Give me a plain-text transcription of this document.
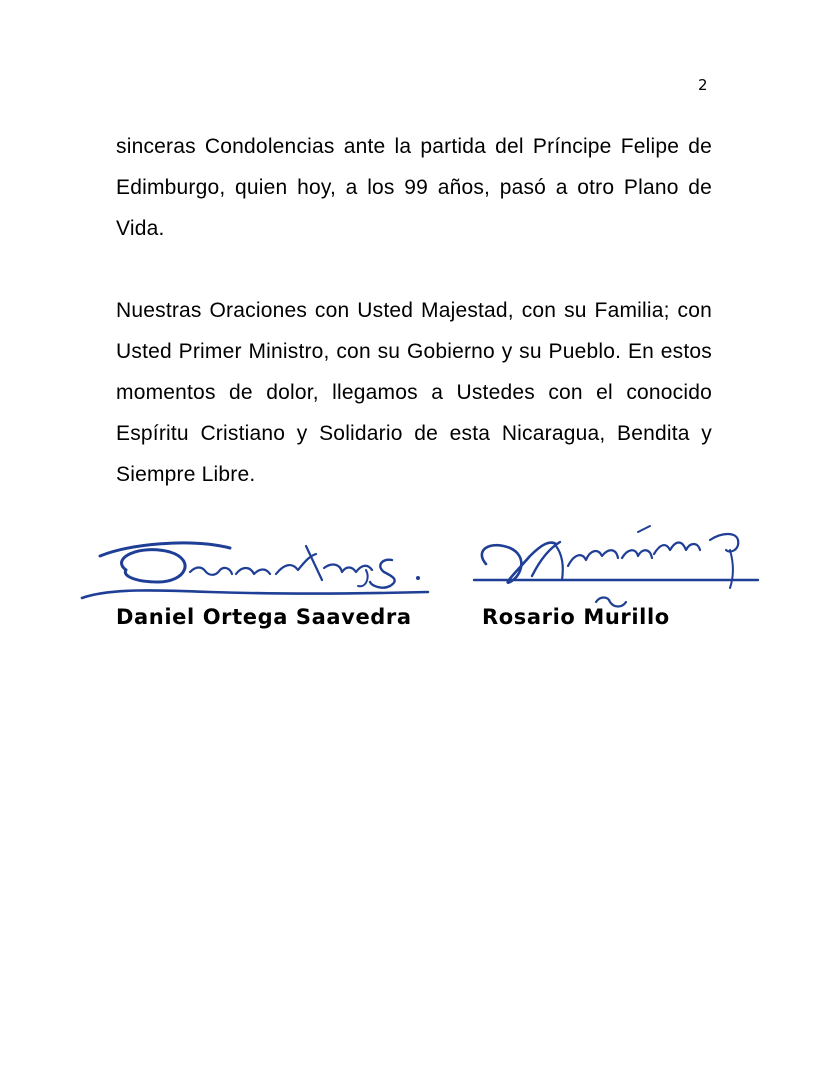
2

sinceras Condolencias ante la partida del Príncipe Felipe de Edimburgo, quien hoy, a los 99 años, pasó a otro Plano de Vida.

Nuestras Oraciones con Usted Majestad, con su Familia; con Usted Primer Ministro, con su Gobierno y su Pueblo. En estos momentos de dolor, llegamos a Ustedes con el conocido Espíritu Cristiano y Solidario de esta Nicaragua, Bendita y Siempre Libre.

Daniel Ortega Saavedra	Rosario Murillo
